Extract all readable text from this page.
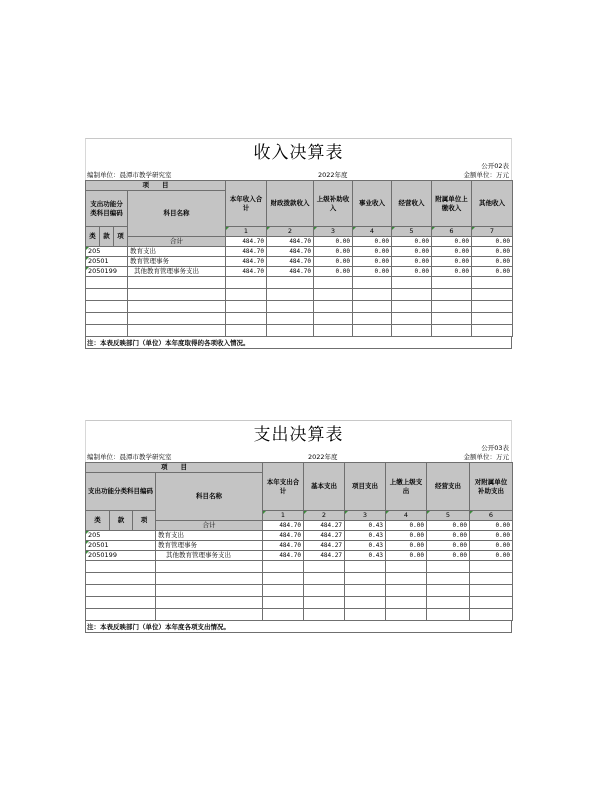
收入决算表
公开02表
编制单位：晨潭市教学研究室	2022年度	金额单位：万元
项　　目				本年收入合计	财政拨款收入	上级补助收入	事业收入	经营收入	附属单位上缴收入	其他收入
支出功能分类科目编码			科目名称							

类	款	项		1	2	3	4	5	6	7
			合计	484.70	484.70	0.00	0.00	0.00	0.00	0.00
205			教育支出	484.70	484.70	0.00	0.00	0.00	0.00	0.00
20501			教育管理事务	484.70	484.70	0.00	0.00	0.00	0.00	0.00
2050199			其他教育管理事务支出	484.70	484.70	0.00	0.00	0.00	0.00	0.00

注：本表反映部门（单位）本年度取得的各项收入情况。
支出决算表
公开03表
编制单位：晨潭市教学研究室	2022年度	金额单位：万元
项　　目				本年支出合计	基本支出	项目支出	上缴上级支出	经营支出	对附属单位补助支出
支出功能分类科目编码			科目名称						

类	款	项		1	2	3	4	5	6
			合计	484.70	484.27	0.43	0.00	0.00	0.00
205			教育支出	484.70	484.27	0.43	0.00	0.00	0.00
20501			教育管理事务	484.70	484.27	0.43	0.00	0.00	0.00
2050199			其他教育管理事务支出	484.70	484.27	0.43	0.00	0.00	0.00

注：本表反映部门（单位）本年度各项支出情况。
